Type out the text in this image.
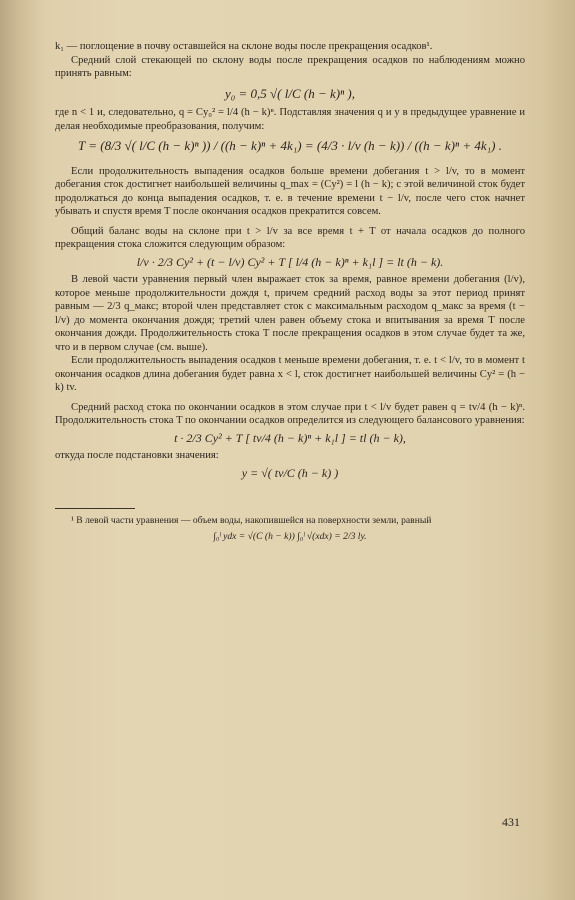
k₁ — поглощение в почву оставшейся на склоне воды после прекращения осадков¹.

Средний слой стекающей по склону воды после прекращения осадков по наблюдениям можно принять равным:

y₀ = 0,5 √( l/C (h − k)ⁿ ),

где n < 1 и, следовательно, q = Cy₀² = l/4 (h − k)ⁿ. Подставляя значения q и y в предыдущее уравнение и делая необходимые преобразования, получим:

T = (8/3 √( l/C (h − k)ⁿ )) / ((h − k)ⁿ + 4k₁) = (4/3 · l/v (h − k)) / ((h − k)ⁿ + 4k₁) .

Если продолжительность выпадения осадков больше времени добегания t > l/v, то в момент добегания сток достигнет наибольшей величины q_max = (Cy²) = l (h − k); с этой величиной сток будет продолжаться до конца выпадения осадков, т. е. в течение времени t − l/v, после чего сток начнет убывать и спустя время T после окончания осадков прекратится совсем.

Общий баланс воды на склоне при t > l/v за все время t + T от начала осадков до полного прекращения стока сложится следующим образом:

l/v · 2/3 Cy² + (t − l/v) Cy² + T [ l/4 (h − k)ⁿ + k₁l ] = lt (h − k).

В левой части уравнения первый член выражает сток за время, равное времени добегания (l/v), которое меньше продолжительности дождя t, причем средний расход воды за этот период принят равным — 2/3 q_макс; второй член представляет сток с максимальным расходом q_макс за время (t − l/v) до момента окончания дождя; третий член равен объему стока и впитывания за время T после окончания дожди. Продолжительность стока T после прекращения осадков в этом случае будет та же, что и в первом случае (см. выше).

Если продолжительность выпадения осадков t меньше времени добегания, т. е. t < l/v, то в момент t окончания осадков длина добегания будет равна x < l, сток достигнет наибольшей величины Cy² = (h − k) tv.

Средний расход стока по окончании осадков в этом случае при t < l/v будет равен q = tv/4 (h − k)ⁿ. Продолжительность стока T по окончании осадков определится из следующего балансового уравнения:

t · 2/3 Cy² + T [ tv/4 (h − k)ⁿ + k₁l ] = tl (h − k),

откуда после подстановки значения:

y = √( tv/C (h − k) )

¹ В левой части уравнения — объем воды, накопившейся на поверхности земли, равный

∫₀ˡ ydx = √(C (h − k)) ∫₀ˡ √(xdx) = 2/3 ly.
431
